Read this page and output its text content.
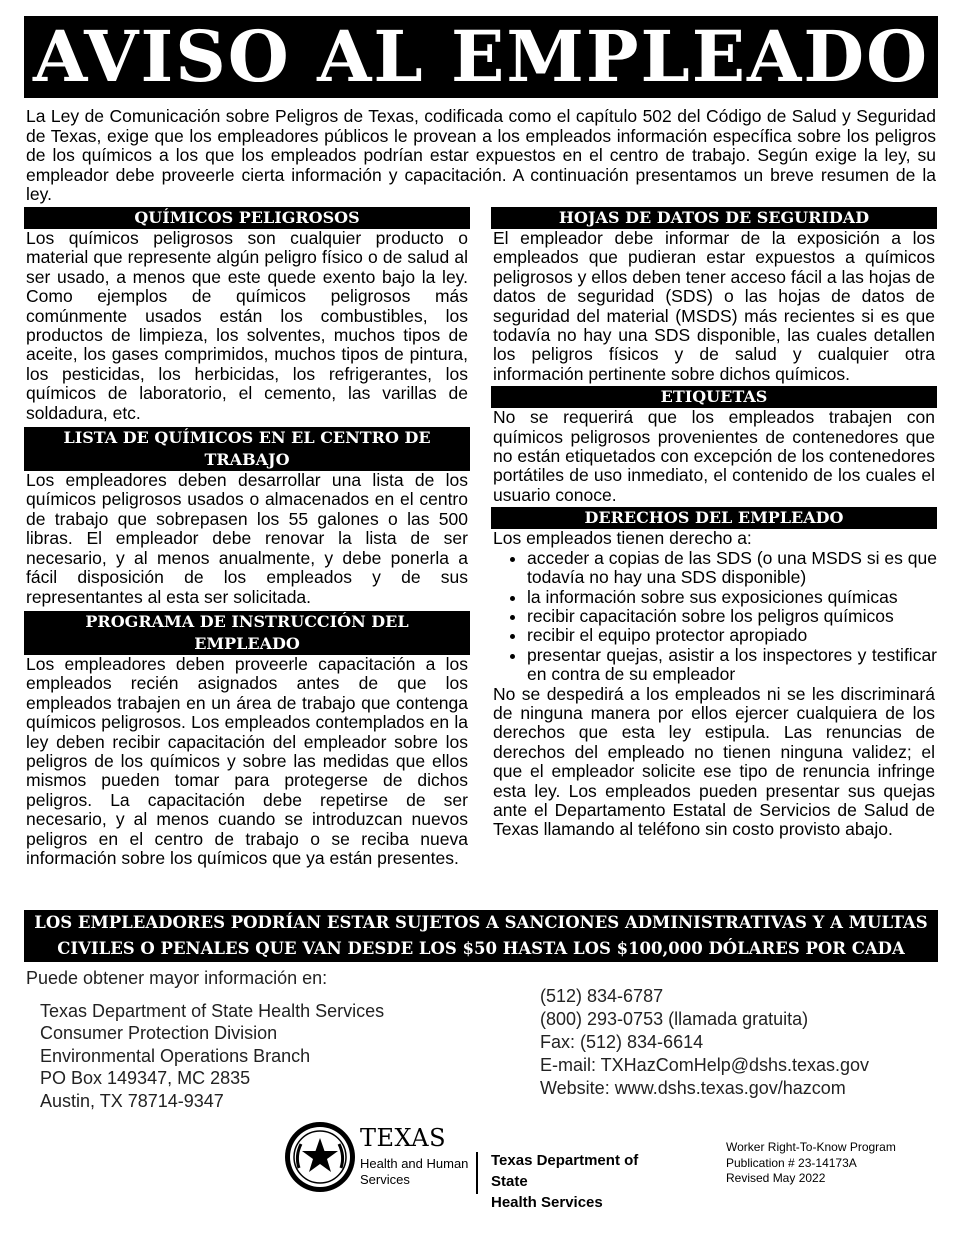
AVISO AL EMPLEADO
La Ley de Comunicación sobre Peligros de Texas, codificada como el capítulo 502 del Código de Salud y Seguridad de Texas, exige que los empleadores públicos le provean a los empleados información específica sobre los peligros de los químicos a los que los empleados podrían estar expuestos en el centro de trabajo. Según exige la ley, su empleador debe proveerle cierta información y capacitación. A continuación presentamos un breve resumen de la ley.
QUÍMICOS PELIGROSOS
Los químicos peligrosos son cualquier producto o material que represente algún peligro físico o de salud al ser usado, a menos que este quede exento bajo la ley. Como ejemplos de químicos peligrosos más comúnmente usados están los combustibles, los productos de limpieza, los solventes, muchos tipos de aceite, los gases comprimidos, muchos tipos de pintura, los pesticidas, los herbicidas, los refrigerantes, los químicos de laboratorio, el cemento, las varillas de soldadura, etc.
LISTA DE QUÍMICOS EN EL CENTRO DE TRABAJO
Los empleadores deben desarrollar una lista de los químicos peligrosos usados o almacenados en el centro de trabajo que sobrepasen los 55 galones o las 500 libras. El empleador debe renovar la lista de ser necesario, y al menos anualmente, y debe ponerla a fácil disposición de los empleados y de sus representantes al esta ser solicitada.
PROGRAMA DE INSTRUCCIÓN DEL EMPLEADO
Los empleadores deben proveerle capacitación a los empleados recién asignados antes de que los empleados trabajen en un área de trabajo que contenga químicos peligrosos. Los empleados contemplados en la ley deben recibir capacitación del empleador sobre los peligros de los químicos y sobre las medidas que ellos mismos pueden tomar para protegerse de dichos peligros. La capacitación debe repetirse de ser necesario, y al menos cuando se introduzcan nuevos peligros en el centro de trabajo o se reciba nueva información sobre los químicos que ya están presentes.
HOJAS DE DATOS DE SEGURIDAD
El empleador debe informar de la exposición a los empleados que pudieran estar expuestos a químicos peligrosos y ellos deben tener acceso fácil a las hojas de datos de seguridad (SDS) o las hojas de datos de seguridad del material (MSDS) más recientes si es que todavía no hay una SDS disponible, las cuales detallen los peligros físicos y de salud y cualquier otra información pertinente sobre dichos químicos.
ETIQUETAS
No se requerirá que los empleados trabajen con químicos peligrosos provenientes de contenedores que no están etiquetados con excepción de los contenedores portátiles de uso inmediato, el contenido de los cuales el usuario conoce.
DERECHOS DEL EMPLEADO
Los empleados tienen derecho a:
• acceder a copias de las SDS (o una MSDS si es que todavía no hay una SDS disponible)
• la información sobre sus exposiciones químicas
• recibir capacitación sobre los peligros químicos
• recibir el equipo protector apropiado
• presentar quejas, asistir a los inspectores y testificar en contra de su empleador
No se despedirá a los empleados ni se les discriminará de ninguna manera por ellos ejercer cualquiera de los derechos que esta ley estipula. Las renuncias de derechos del empleado no tienen ninguna validez; el que el empleador solicite ese tipo de renuncia infringe esta ley. Los empleados pueden presentar sus quejas ante el Departamento Estatal de Servicios de Salud de Texas llamando al teléfono sin costo provisto abajo.
LOS EMPLEADORES PODRÍAN ESTAR SUJETOS A SANCIONES ADMINISTRATIVAS Y A MULTAS CIVILES O PENALES QUE VAN DESDE LOS $50 HASTA LOS $100,000 DÓLARES POR CADA INFRACCIÓN DE ESTA LEY
Puede obtener mayor información en:
Texas Department of State Health Services
Consumer Protection Division
Environmental Operations Branch
PO Box 149347, MC 2835
Austin, TX 78714-9347
(512) 834-6787
(800) 293-0753 (llamada gratuita)
Fax: (512) 834-6614
E-mail: TXHazComHelp@dshs.texas.gov
Website: www.dshs.texas.gov/hazcom
TEXAS
Health and Human
Services
Texas Department of State
Health Services
Worker Right-To-Know Program
Publication # 23-14173A
Revised May 2022
